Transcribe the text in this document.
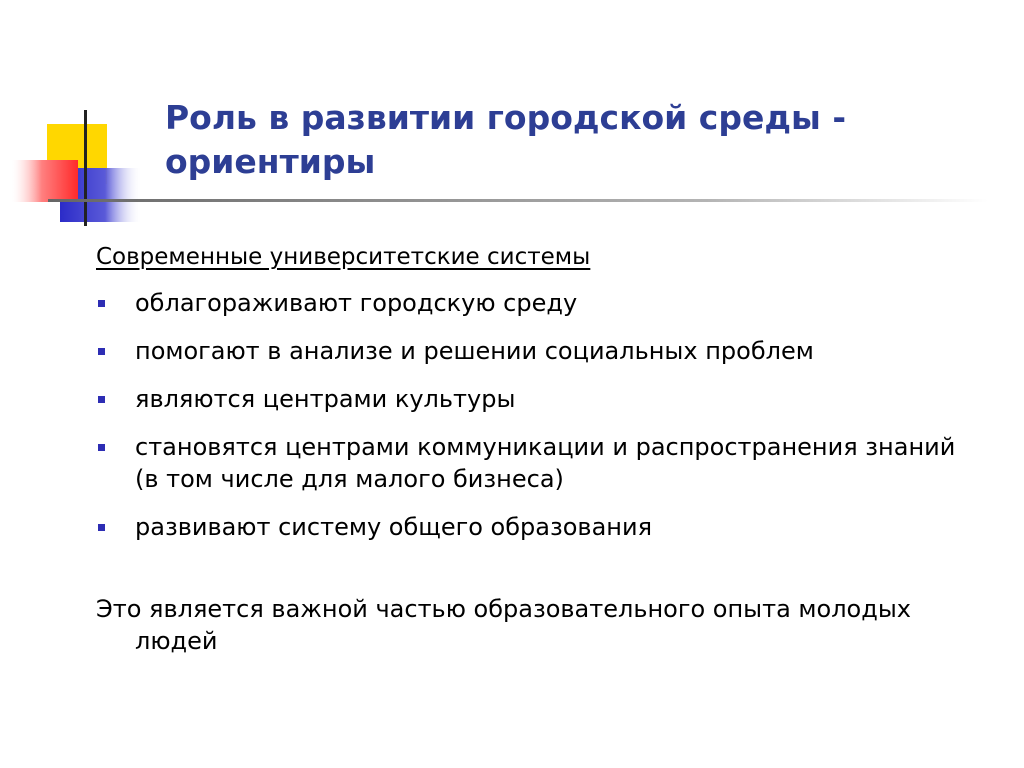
Роль в развитии городской среды - ориентиры

Современные университетские системы

облагораживают городскую среду
помогают в анализе и решении социальных проблем
являются центрами культуры
становятся центрами коммуникации и распространения знаний (в том числе для малого бизнеса)
развивают систему общего образования

Это является важной частью образовательного опыта молодых людей
